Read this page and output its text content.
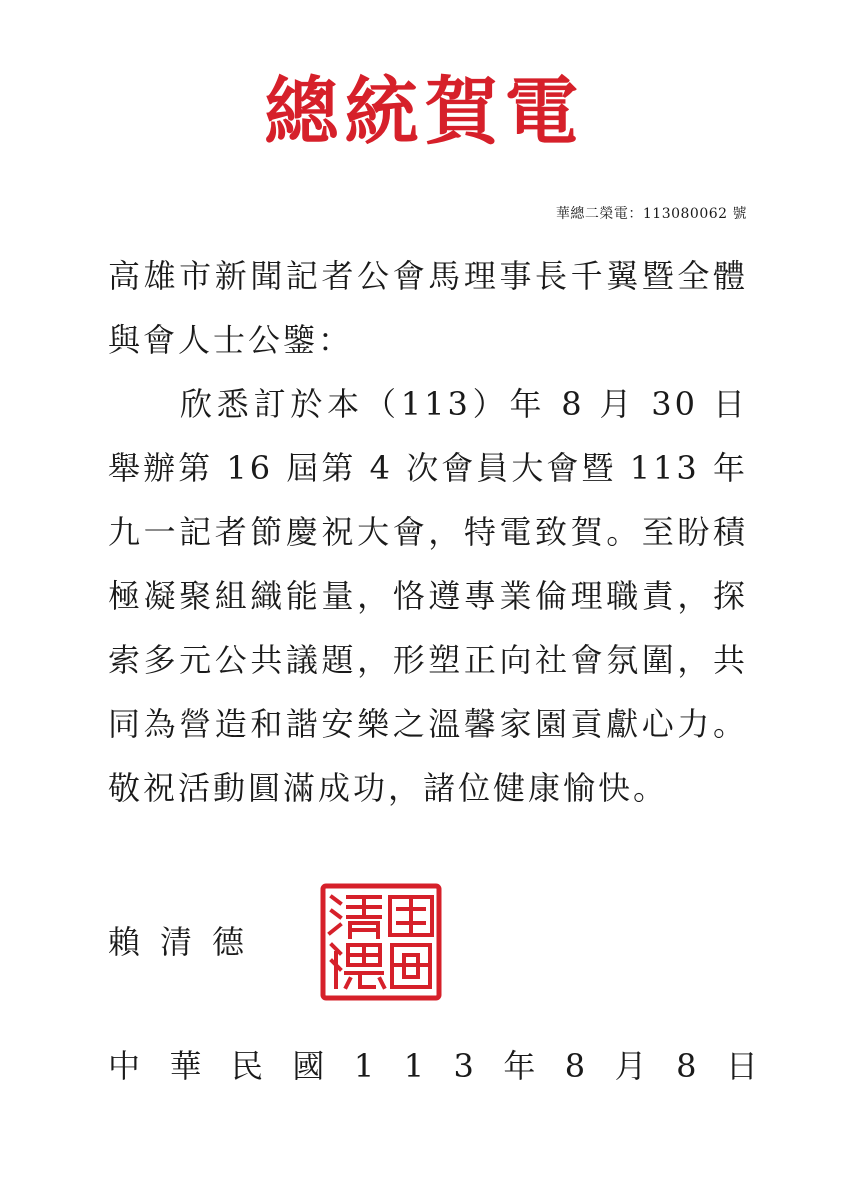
總統賀電
華總二榮電：113080062 號

高雄市新聞記者公會馬理事長千翼暨全體與會人士公鑒：

欣悉訂於本（113）年 8 月 30 日舉辦第 16 屆第 4 次會員大會暨 113 年九一記者節慶祝大會，特電致賀。至盼積極凝聚組織能量，恪遵專業倫理職責，探索多元公共議題，形塑正向社會氛圍，共同為營造和諧安樂之溫馨家園貢獻心力。敬祝活動圓滿成功，諸位健康愉快。

賴清德
中 華 民 國 1 1 3 年 8 月 8 日
